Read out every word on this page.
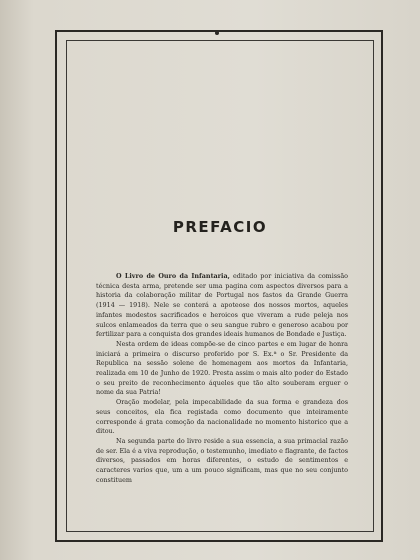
PREFACIO

O Livro de Ouro da Infantaria, editado por iniciativa da comissão técnica desta arma, pretende ser uma pagina com aspectos diversos para a historia da colaboração militar de Portugal nos fastos da Grande Guerra (1914 — 1918). Nele se conterá a apoteose dos nossos mortos, aqueles infantes modestos sacrificados e heroicos que viveram a rude peleja nos sulcos enlameados da terra que o seu sangue rubro e generoso acabou por fertilizar para a conquista dos grandes ideais humanos de Bondade e Justiça.

Nesta ordem de ideas compõe-se de cinco partes e em lugar de honra iniciará a primeira o discurso proferido por S. Ex.ª o Sr. Presidente da Republica na sessão solene de homenagem aos mortos da Infantaria, realizada em 10 de Junho de 1920. Presta assim o mais alto poder do Estado o seu preito de reconhecimento áqueles que tão alto souberam erguer o nome da sua Patria!

Oração modelar, pela impecabilidade da sua forma e grandeza dos seus conceitos, ela fica registada como documento que inteiramente corresponde á grata comoção da nacionalidade no momento historico que a ditou.

Na segunda parte do livro reside a sua essencia, a sua primacial razão de ser. Ela é a viva reprodução, o testemunho, imediato e flagrante, de factos diversos, passados em horas diferentes, o estudo de sentimentos e caracteres varios que, um a um pouco significam, mas que no seu conjunto constituem
